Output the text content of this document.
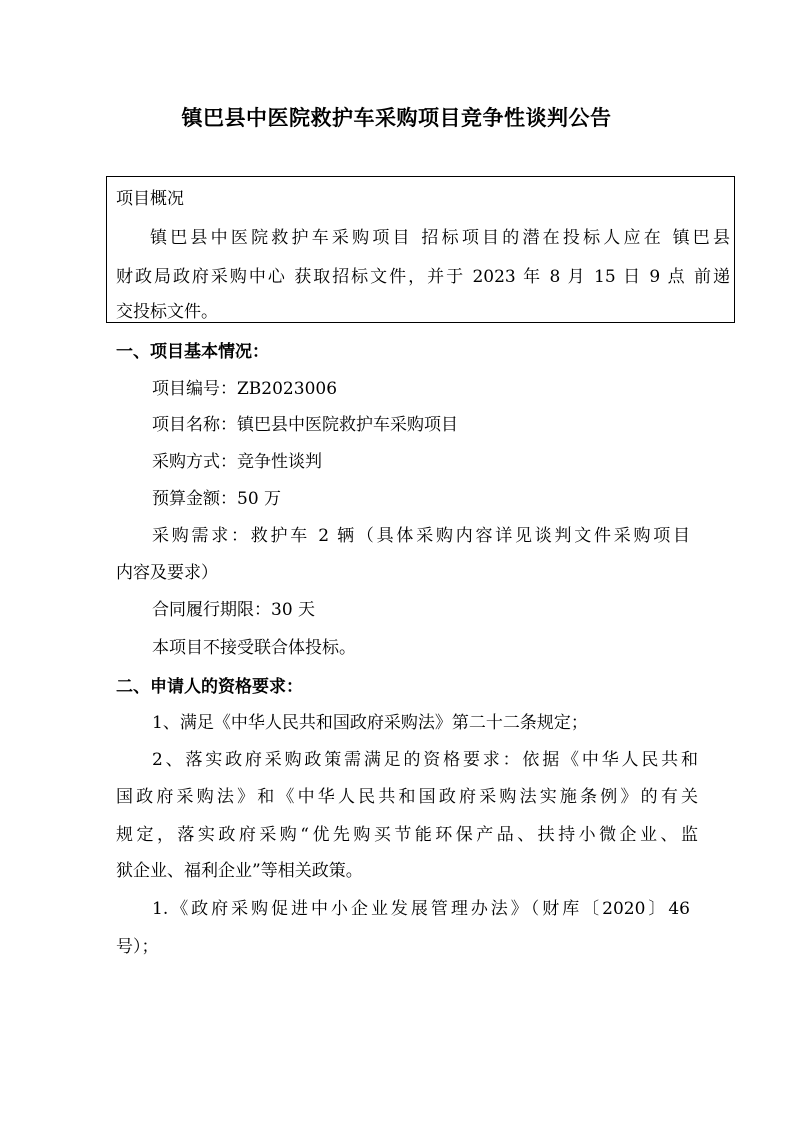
镇巴县中医院救护车采购项目竞争性谈判公告
项目概况
镇巴县中医院救护车采购项目 招标项目的潜在投标人应在 镇巴县
财政局政府采购中心 获取招标文件，并于 2023 年 8 月 15 日 9 点 前递
交投标文件。
一、项目基本情况：
项目编号：ZB2023006
项目名称：镇巴县中医院救护车采购项目
采购方式：竞争性谈判
预算金额：50 万
采购需求：救护车 2 辆（具体采购内容详见谈判文件采购项目
内容及要求）
合同履行期限：30 天
本项目不接受联合体投标。
二、申请人的资格要求：
1、满足《中华人民共和国政府采购法》第二十二条规定；
2、落实政府采购政策需满足的资格要求：依据《中华人民共和
国政府采购法》和《中华人民共和国政府采购法实施条例》的有关
规定，落实政府采购“优先购买节能环保产品、扶持小微企业、监
狱企业、福利企业”等相关政策。
1.《政府采购促进中小企业发展管理办法》（财库〔2020〕46
号）；
